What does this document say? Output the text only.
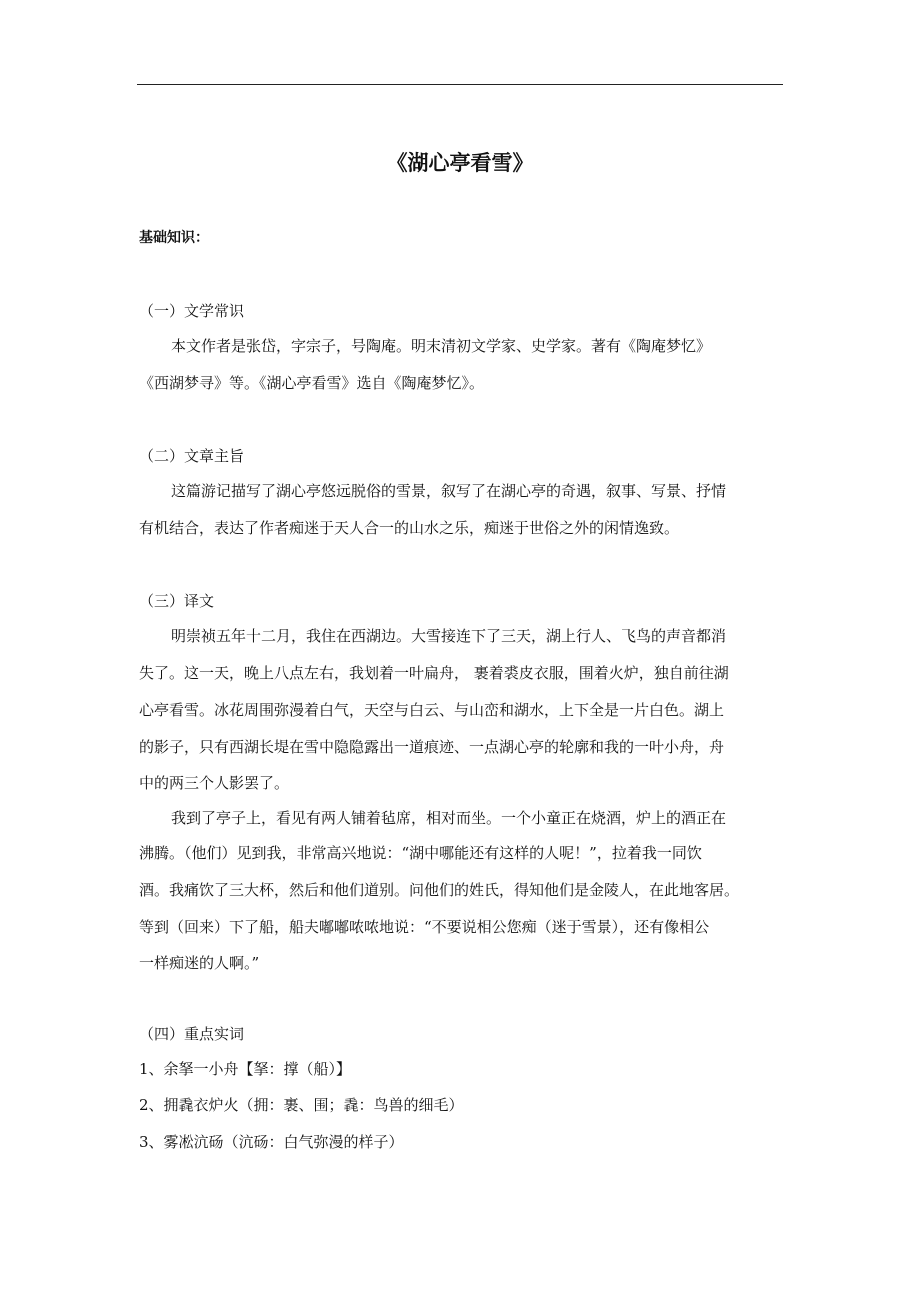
《湖心亭看雪》
基础知识：
（一）文学常识
本文作者是张岱，字宗子，号陶庵。明末清初文学家、史学家。著有《陶庵梦忆》
《西湖梦寻》等。《湖心亭看雪》选自《陶庵梦忆》。
（二）文章主旨
这篇游记描写了湖心亭悠远脱俗的雪景，叙写了在湖心亭的奇遇，叙事、写景、抒情
有机结合，表达了作者痴迷于天人合一的山水之乐，痴迷于世俗之外的闲情逸致。
（三）译文
明崇祯五年十二月，我住在西湖边。大雪接连下了三天，湖上行人、飞鸟的声音都消
失了。这一天，晚上八点左右，我划着一叶扁舟， 裹着裘皮衣服，围着火炉，独自前往湖
心亭看雪。冰花周围弥漫着白气，天空与白云、与山峦和湖水，上下全是一片白色。湖上
的影子，只有西湖长堤在雪中隐隐露出一道痕迹、一点湖心亭的轮廓和我的一叶小舟，舟
中的两三个人影罢了。
我到了亭子上，看见有两人铺着毡席，相对而坐。一个小童正在烧酒，炉上的酒正在
沸腾。（他们）见到我，非常高兴地说：“湖中哪能还有这样的人呢！”，拉着我一同饮
酒。我痛饮了三大杯，然后和他们道别。问他们的姓氏，得知他们是金陵人，在此地客居。
等到（回来）下了船，船夫嘟嘟哝哝地说：“不要说相公您痴（迷于雪景），还有像相公
一样痴迷的人啊。”
（四）重点实词
1、余拏一小舟【拏：撑（船）】
2、拥毳衣炉火（拥：裹、围；毳：鸟兽的细毛）
3、雾凇沆砀（沆砀：白气弥漫的样子）
